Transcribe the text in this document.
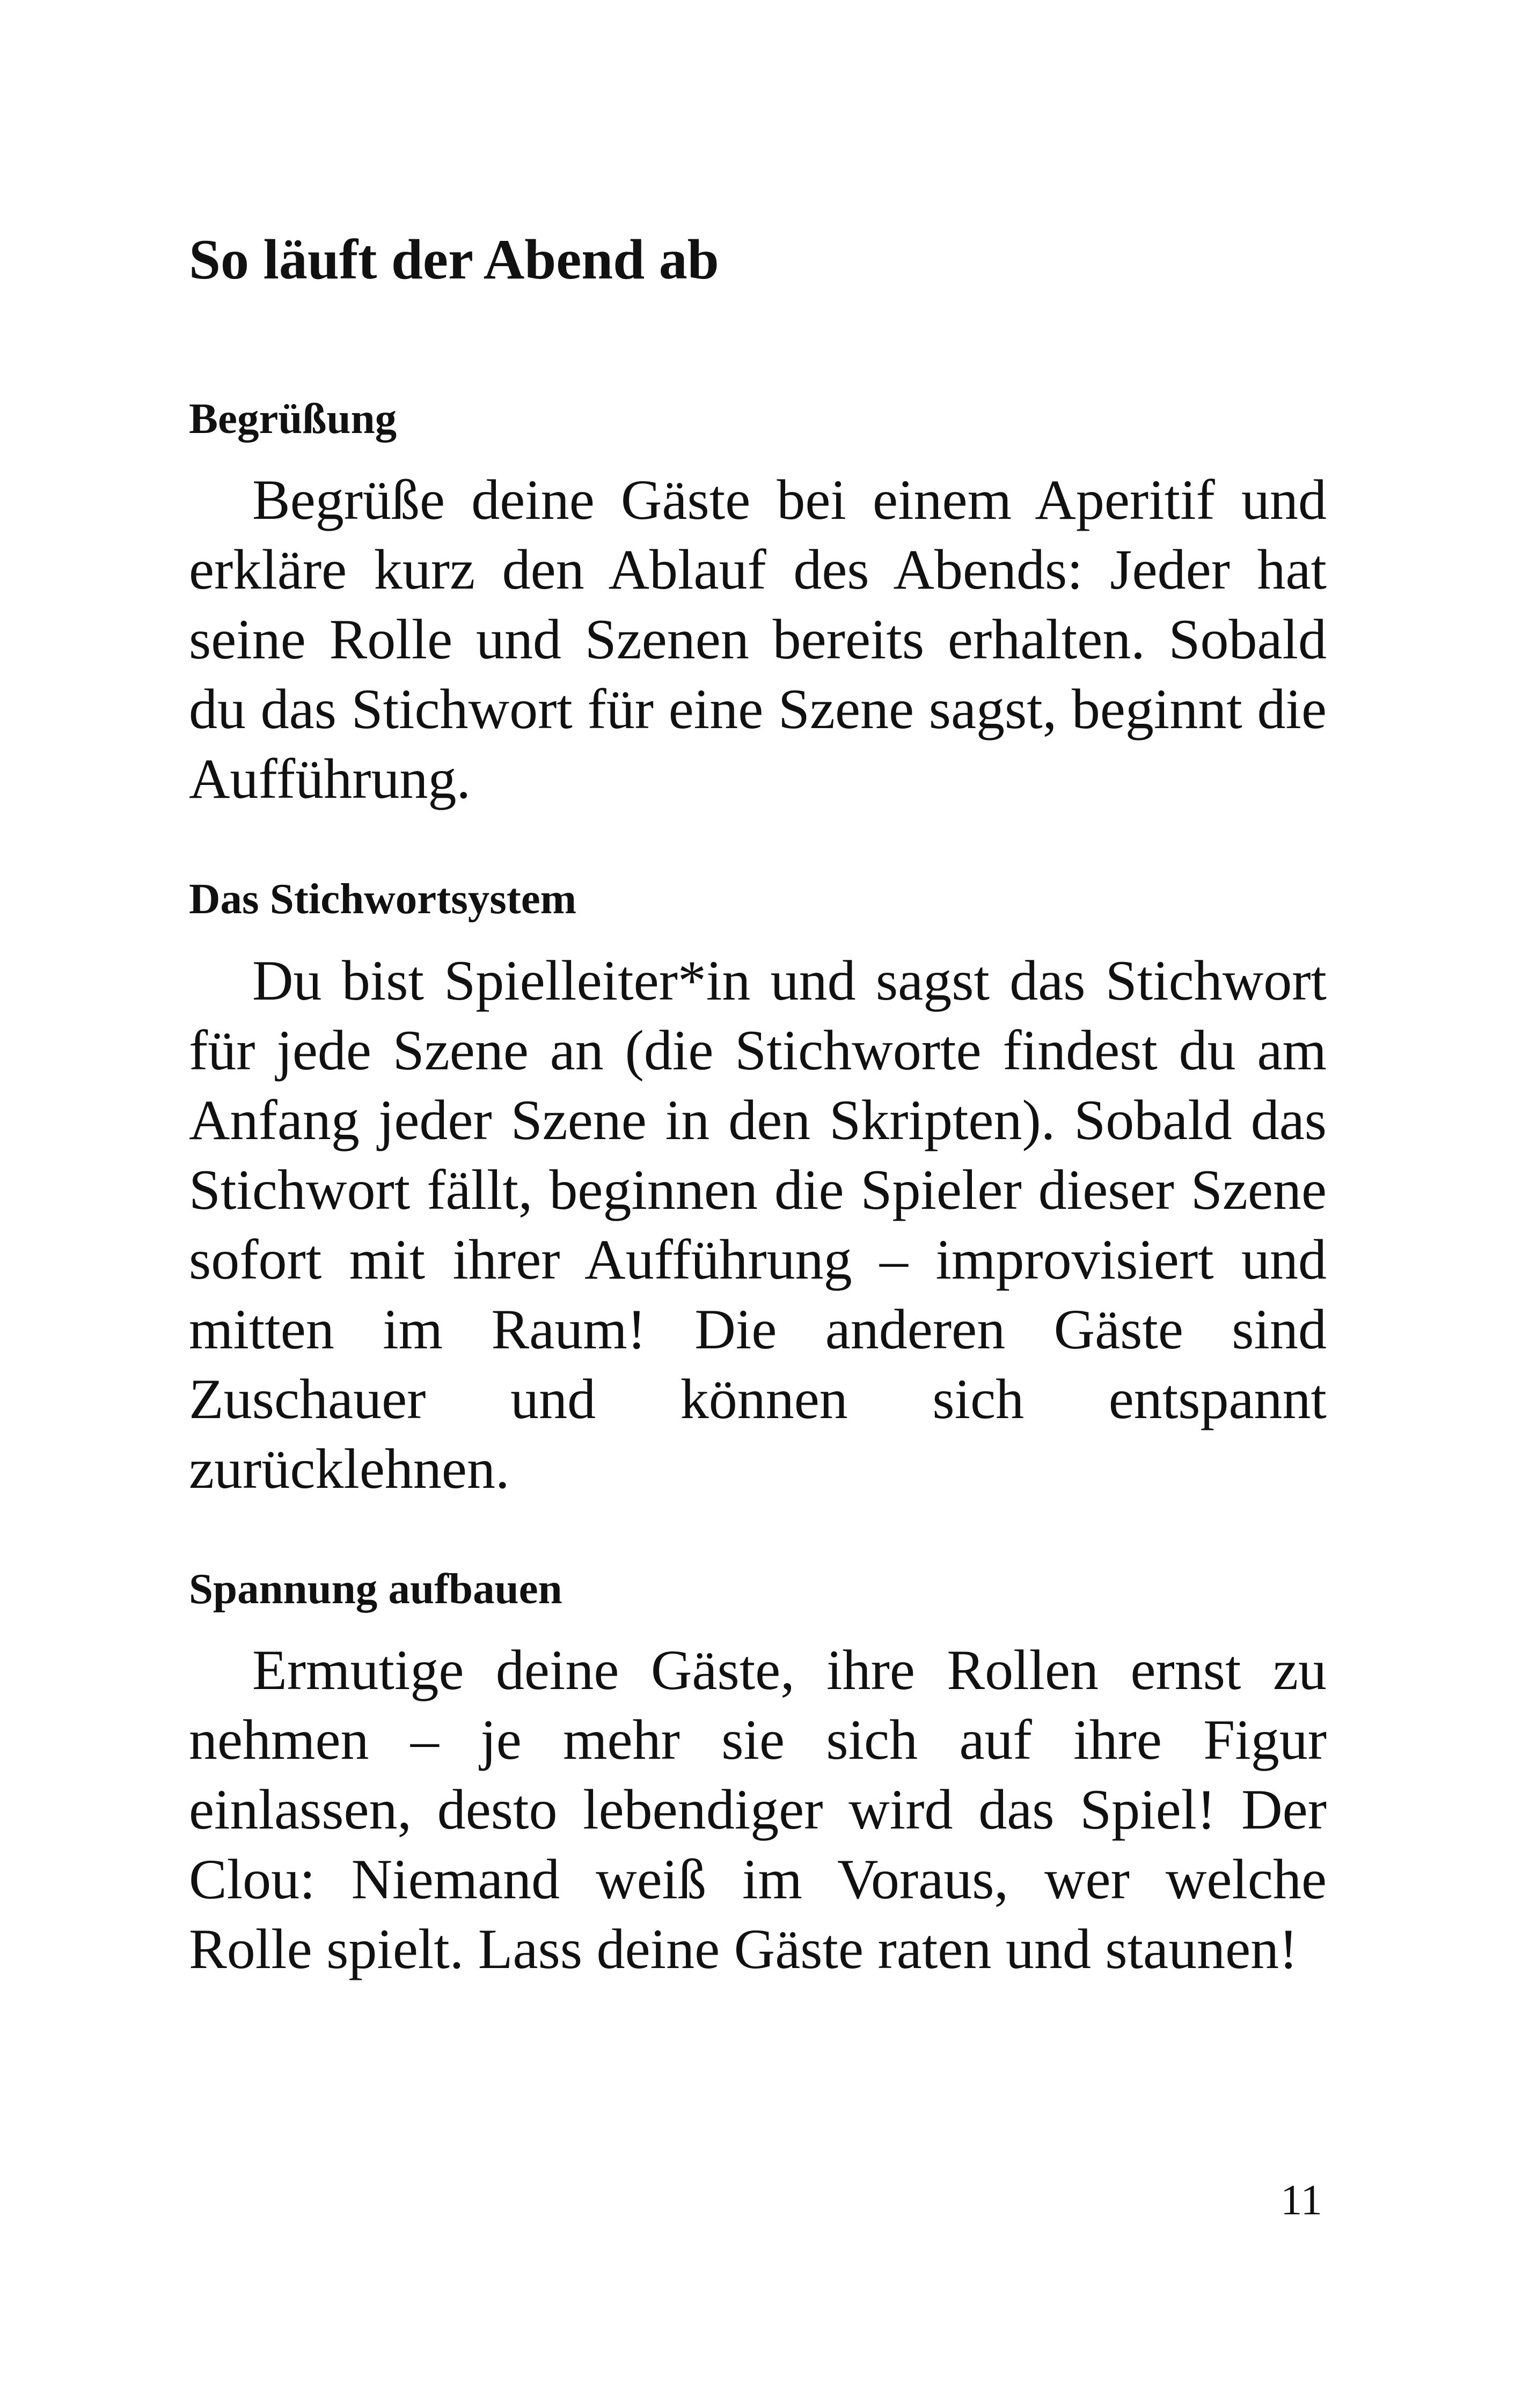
So läuft der Abend ab
Begrüßung

Begrüße deine Gäste bei einem Aperitif und erkläre kurz den Ablauf des Abends: Jeder hat seine Rolle und Szenen bereits erhalten. Sobald du das Stichwort für eine Szene sagst, beginnt die Aufführung.

Das Stichwortsystem

Du bist Spielleiter*in und sagst das Stichwort für jede Szene an (die Stichworte findest du am Anfang jeder Szene in den Skripten). Sobald das Stichwort fällt, beginnen die Spieler dieser Szene sofort mit ihrer Aufführung – improvisiert und mitten im Raum! Die anderen Gäste sind Zuschauer und können sich entspannt zurücklehnen.

Spannung aufbauen

Ermutige deine Gäste, ihre Rollen ernst zu nehmen – je mehr sie sich auf ihre Figur einlassen, desto lebendiger wird das Spiel! Der Clou: Niemand weiß im Voraus, wer welche Rolle spielt. Lass deine Gäste raten und staunen!

11
